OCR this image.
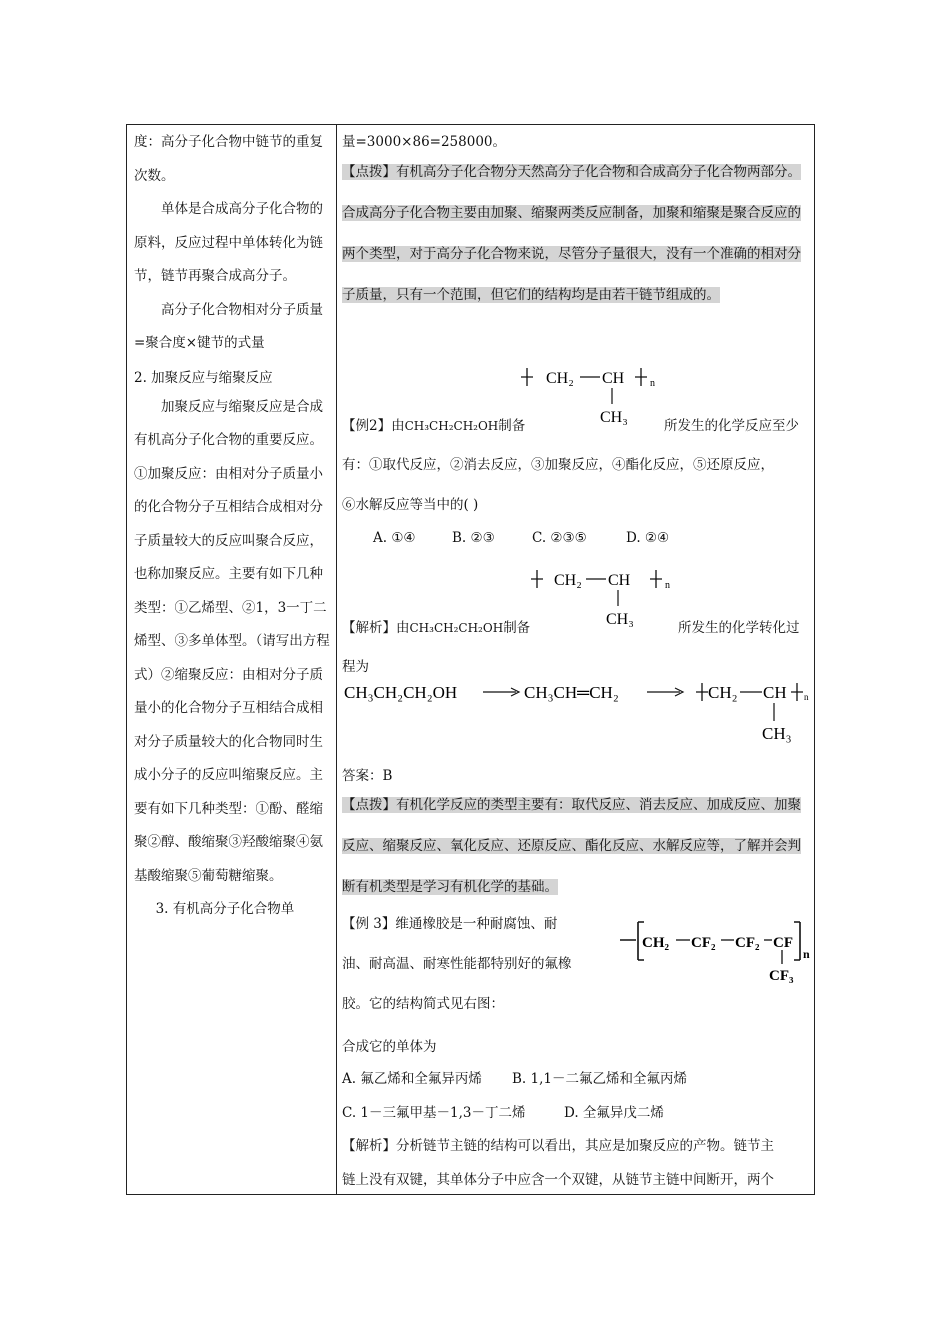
度：高分子化合物中链节的重复次数。

单体是合成高分子化合物的原料，反应过程中单体转化为链节，链节再聚合成高分子。

高分子化合物相对分子质量=聚合度×键节的式量

2. 加聚反应与缩聚反应

加聚反应与缩聚反应是合成有机高分子化合物的重要反应。①加聚反应：由相对分子质量小的化合物分子互相结合成相对分子质量较大的反应叫聚合反应，也称加聚反应。主要有如下几种类型：①乙烯型、②1，3一丁二烯型、③多单体型。（请写出方程式）②缩聚反应：由相对分子质量小的化合物分子互相结合成相对分子质量较大的化合物同时生成小分子的反应叫缩聚反应。主要有如下几种类型：①酚、醛缩聚②醇、酸缩聚③羟酸缩聚④氨基酸缩聚⑤葡萄糖缩聚。

3. 有机高分子化合物单

量=3000×86=258000。
【点拨】有机高分子化合物分天然高分子化合物和合成高分子化合物两部分。合成高分子化合物主要由加聚、缩聚两类反应制备，加聚和缩聚是聚合反应的两个类型，对于高分子化合物来说，尽管分子量很大，没有一个准确的相对分子质量，只有一个范围，但它们的结构均是由若干链节组成的。
【例2】由CH₃CH₂CH₂OH制备	所发生的化学反应至少
有：①取代反应，②消去反应，③加聚反应，④酯化反应，⑤还原反应，
⑥水解反应等当中的( )
A. ①④	B. ②③	C. ②③⑤	D. ②④
【解析】由CH₃CH₂CH₂OH制备	所发生的化学转化过
程为
答案：B
【点拨】有机化学反应的类型主要有：取代反应、消去反应、加成反应、加聚反应、缩聚反应、氧化反应、还原反应、酯化反应、水解反应等，了解并会判断有机类型是学习有机化学的基础。
【例 3】维通橡胶是一种耐腐蚀、耐
油、耐高温、耐寒性能都特别好的氟橡
胶。它的结构简式见右图：
合成它的单体为
A. 氟乙烯和全氟异丙烯 B. 1,1－二氟乙烯和全氟丙烯
C. 1－三氟甲基－1,3－丁二烯	D. 全氟异戊二烯
【解析】分析链节主链的结构可以看出，其应是加聚反应的产物。链节主
链上没有双键，其单体分子中应含一个双键，从链节主链中间断开，两个
CH₂ CH	n
CH₃
CH₂ CH	n
CH₃
CH₃CH₂CH₂OH	CH₃CH═CH₂	CH₂ CH n
CH₃
CH₂ CF₂ CF₂ CF
n
CF₃
